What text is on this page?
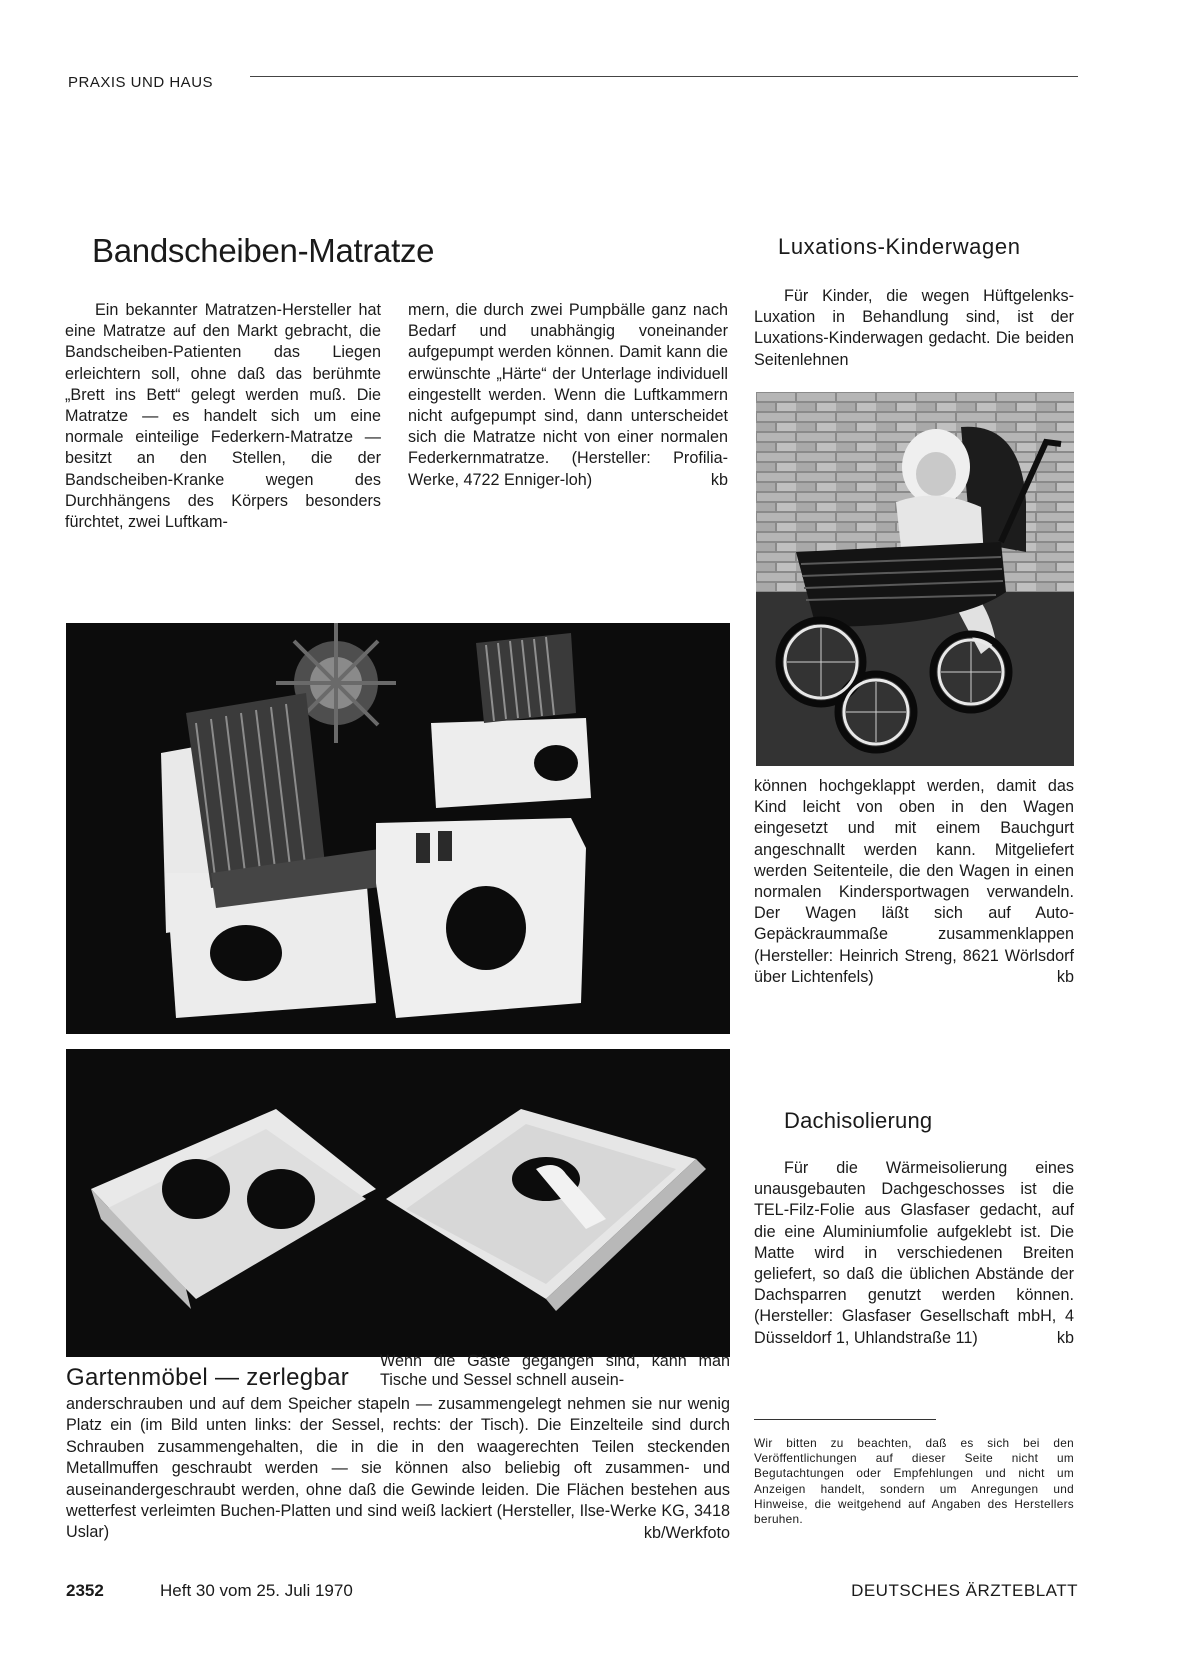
PRAXIS UND HAUS
Bandscheiben-Matratze

Ein bekannter Matratzen-Hersteller hat eine Matratze auf den Markt gebracht, die Bandscheiben-Patienten das Liegen erleichtern soll, ohne daß das berühmte „Brett ins Bett“ gelegt werden muß. Die Matratze — es handelt sich um eine normale einteilige Federkern-Matratze — besitzt an den Stellen, die der Bandscheiben-Kranke wegen des Durchhängens des Körpers besonders fürchtet, zwei Luftkam-

mern, die durch zwei Pumpbälle ganz nach Bedarf und unabhängig voneinander aufgepumpt werden können. Damit kann die erwünschte „Härte“ der Unterlage individuell eingestellt werden. Wenn die Luftkammern nicht aufgepumpt sind, dann unterscheidet sich die Matratze nicht von einer normalen Federkernmatratze. (Hersteller: Profilia-Werke, 4722 Enniger-loh)	kb

Luxations-Kinderwagen

Für Kinder, die wegen Hüftgelenks-Luxation in Behandlung sind, ist der Luxations-Kinderwagen gedacht. Die beiden Seitenlehnen

können hochgeklappt werden, damit das Kind leicht von oben in den Wagen eingesetzt und mit einem Bauchgurt angeschnallt werden kann. Mitgeliefert werden Seitenteile, die den Wagen in einen normalen Kindersportwagen verwandeln. Der Wagen läßt sich auf Auto-Gepäckraummaße zusammenklappen (Hersteller: Heinrich Streng, 8621 Wörlsdorf über Lichtenfels)	kb

Dachisolierung

Für die Wärmeisolierung eines unausgebauten Dachgeschosses ist die TEL-Filz-Folie aus Glasfaser gedacht, auf die eine Aluminiumfolie aufgeklebt ist. Die Matte wird in verschiedenen Breiten geliefert, so daß die üblichen Abstände der Dachsparren genutzt werden können. (Hersteller: Glasfaser Gesellschaft mbH, 4 Düsseldorf 1, Uhlandstraße 11)	kb

Wir bitten zu beachten, daß es sich bei den Veröffentlichungen auf dieser Seite nicht um Begutachtungen oder Empfehlungen und nicht um Anzeigen handelt, sondern um Anregungen und Hinweise, die weitgehend auf Angaben des Herstellers beruhen.
Gartenmöbel — zerlegbar
Wenn die Gäste gegangen sind, kann man Tische und Sessel schnell ausein-

anderschrauben und auf dem Speicher stapeln — zusammengelegt nehmen sie nur wenig Platz ein (im Bild unten links: der Sessel, rechts: der Tisch). Die Einzelteile sind durch Schrauben zusammengehalten, die in die in den waagerechten Teilen steckenden Metallmuffen geschraubt werden — sie können also beliebig oft zusammen- und auseinandergeschraubt werden, ohne daß die Gewinde leiden. Die Flächen bestehen aus wetterfest verleimten Buchen-Platten und sind weiß lackiert (Hersteller, Ilse-Werke KG, 3418 Uslar)	kb/Werkfoto

2352	Heft 30 vom 25. Juli 1970	DEUTSCHES ÄRZTEBLATT
